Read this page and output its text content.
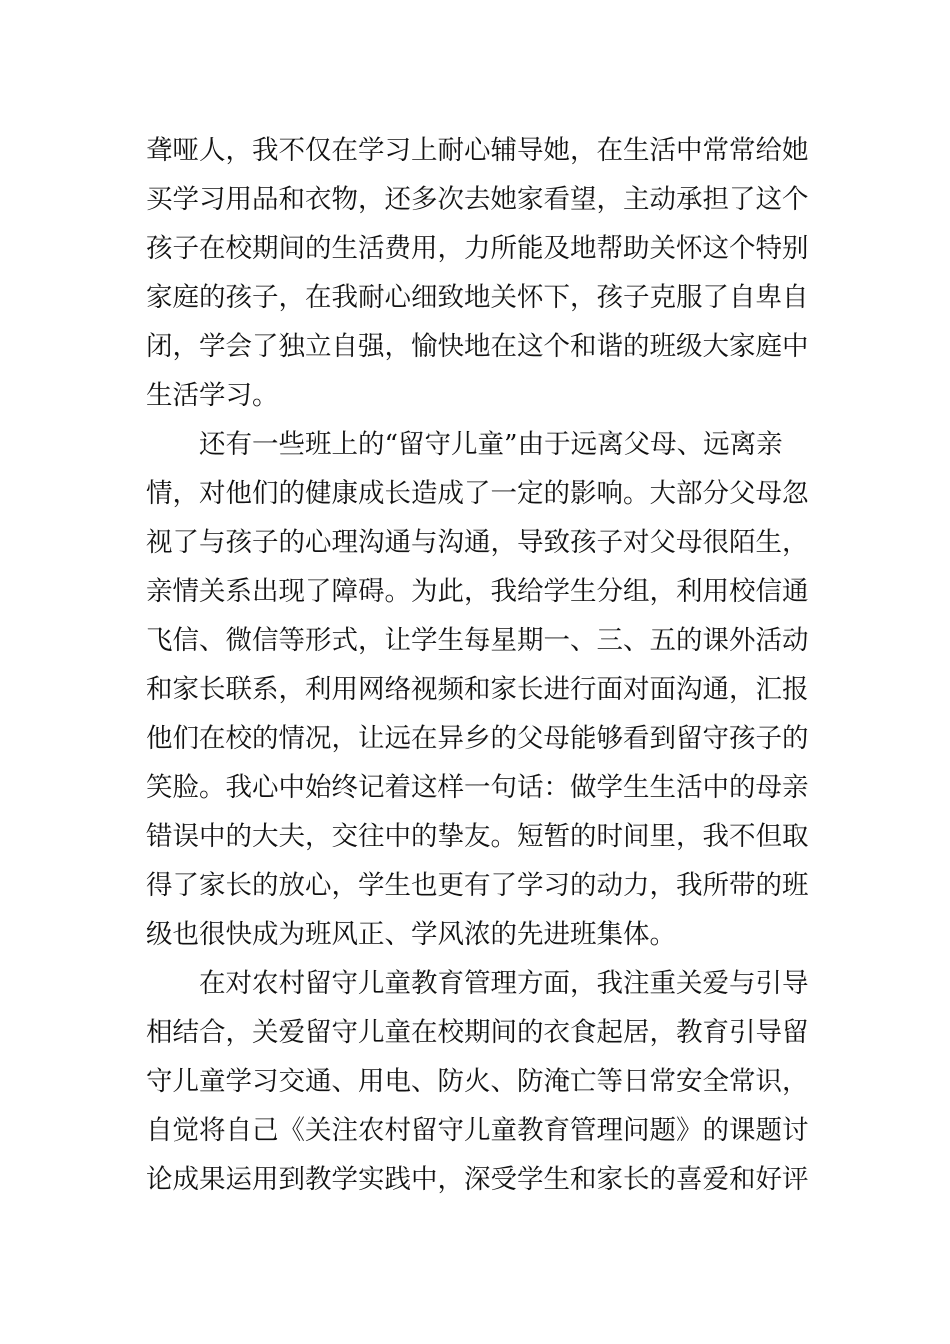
聋哑人，我不仅在学习上耐心辅导她，在生活中常常给她
买学习用品和衣物，还多次去她家看望，主动承担了这个
孩子在校期间的生活费用，力所能及地帮助关怀这个特别
家庭的孩子，在我耐心细致地关怀下，孩子克服了自卑自
闭，学会了独立自强，愉快地在这个和谐的班级大家庭中
生活学习。
还有一些班上的“留守儿童”由于远离父母、远离亲
情，对他们的健康成长造成了一定的影响。大部分父母忽
视了与孩子的心理沟通与沟通，导致孩子对父母很陌生，
亲情关系出现了障碍。为此，我给学生分组，利用校信通
飞信、微信等形式，让学生每星期一、三、五的课外活动
和家长联系，利用网络视频和家长进行面对面沟通，汇报
他们在校的情况，让远在异乡的父母能够看到留守孩子的
笑脸。我心中始终记着这样一句话：做学生生活中的母亲
错误中的大夫，交往中的挚友。短暂的时间里，我不但取
得了家长的放心，学生也更有了学习的动力，我所带的班
级也很快成为班风正、学风浓的先进班集体。
在对农村留守儿童教育管理方面，我注重关爱与引导
相结合，关爱留守儿童在校期间的衣食起居，教育引导留
守儿童学习交通、用电、防火、防淹亡等日常安全常识，
自觉将自己《关注农村留守儿童教育管理问题》的课题讨
论成果运用到教学实践中，深受学生和家长的喜爱和好评
